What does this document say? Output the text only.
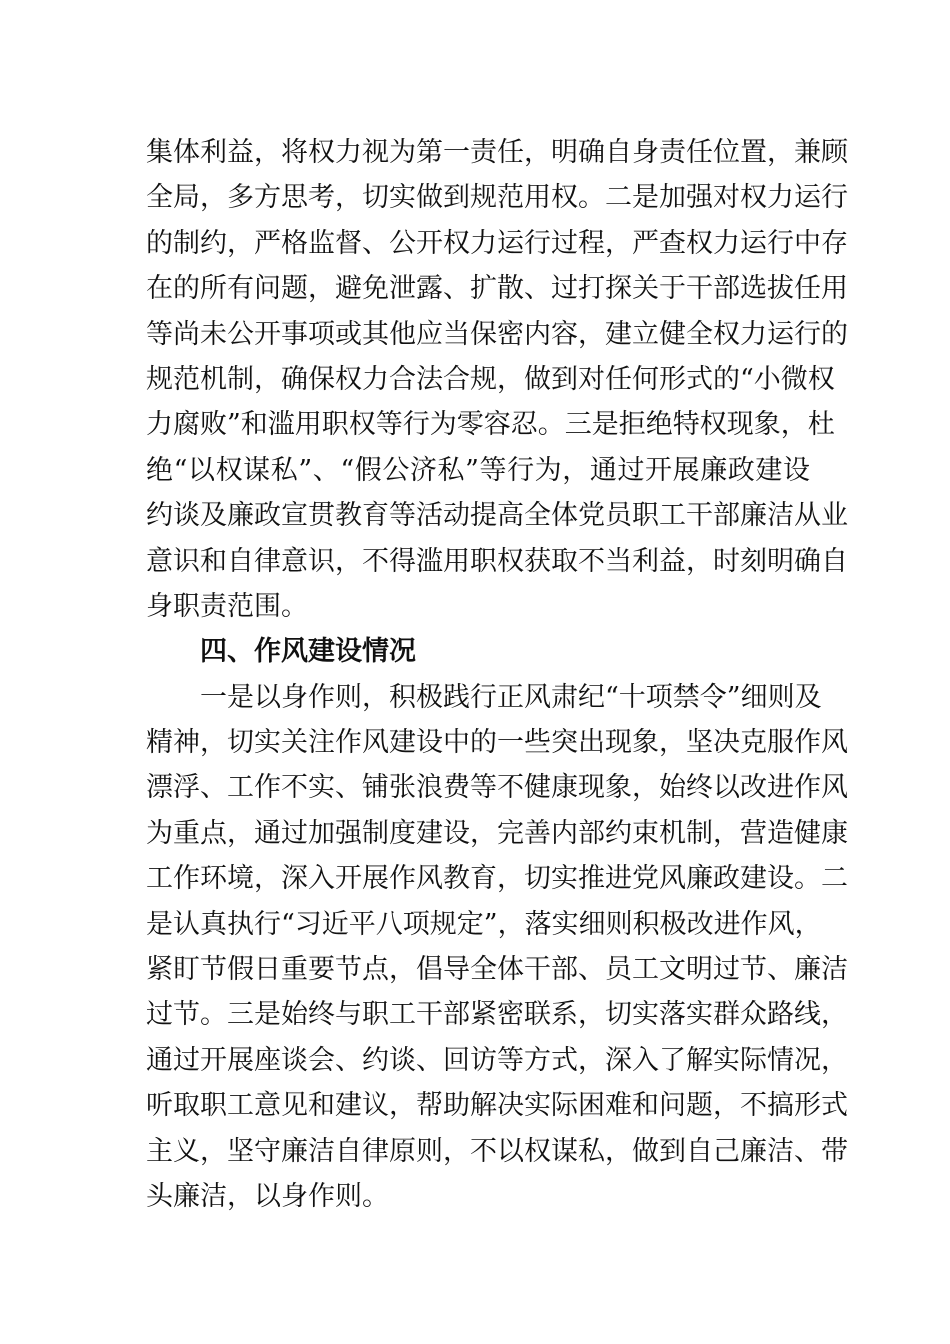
集体利益，将权力视为第一责任，明确自身责任位置，兼顾
全局，多方思考，切实做到规范用权。二是加强对权力运行
的制约，严格监督、公开权力运行过程，严查权力运行中存
在的所有问题，避免泄露、扩散、过打探关于干部选拔任用
等尚未公开事项或其他应当保密内容，建立健全权力运行的
规范机制，确保权力合法合规，做到对任何形式的“小微权
力腐败”和滥用职权等行为零容忍。三是拒绝特权现象，杜
绝“以权谋私”、“假公济私”等行为，通过开展廉政建设
约谈及廉政宣贯教育等活动提高全体党员职工干部廉洁从业
意识和自律意识，不得滥用职权获取不当利益，时刻明确自
身职责范围。
四、作风建设情况
一是以身作则，积极践行正风肃纪“十项禁令”细则及
精神，切实关注作风建设中的一些突出现象，坚决克服作风
漂浮、工作不实、铺张浪费等不健康现象，始终以改进作风
为重点，通过加强制度建设，完善内部约束机制，营造健康
工作环境，深入开展作风教育，切实推进党风廉政建设。二
是认真执行“习近平八项规定”，落实细则积极改进作风，
紧盯节假日重要节点，倡导全体干部、员工文明过节、廉洁
过节。三是始终与职工干部紧密联系，切实落实群众路线，
通过开展座谈会、约谈、回访等方式，深入了解实际情况，
听取职工意见和建议，帮助解决实际困难和问题，不搞形式
主义，坚守廉洁自律原则，不以权谋私，做到自己廉洁、带
头廉洁，以身作则。
